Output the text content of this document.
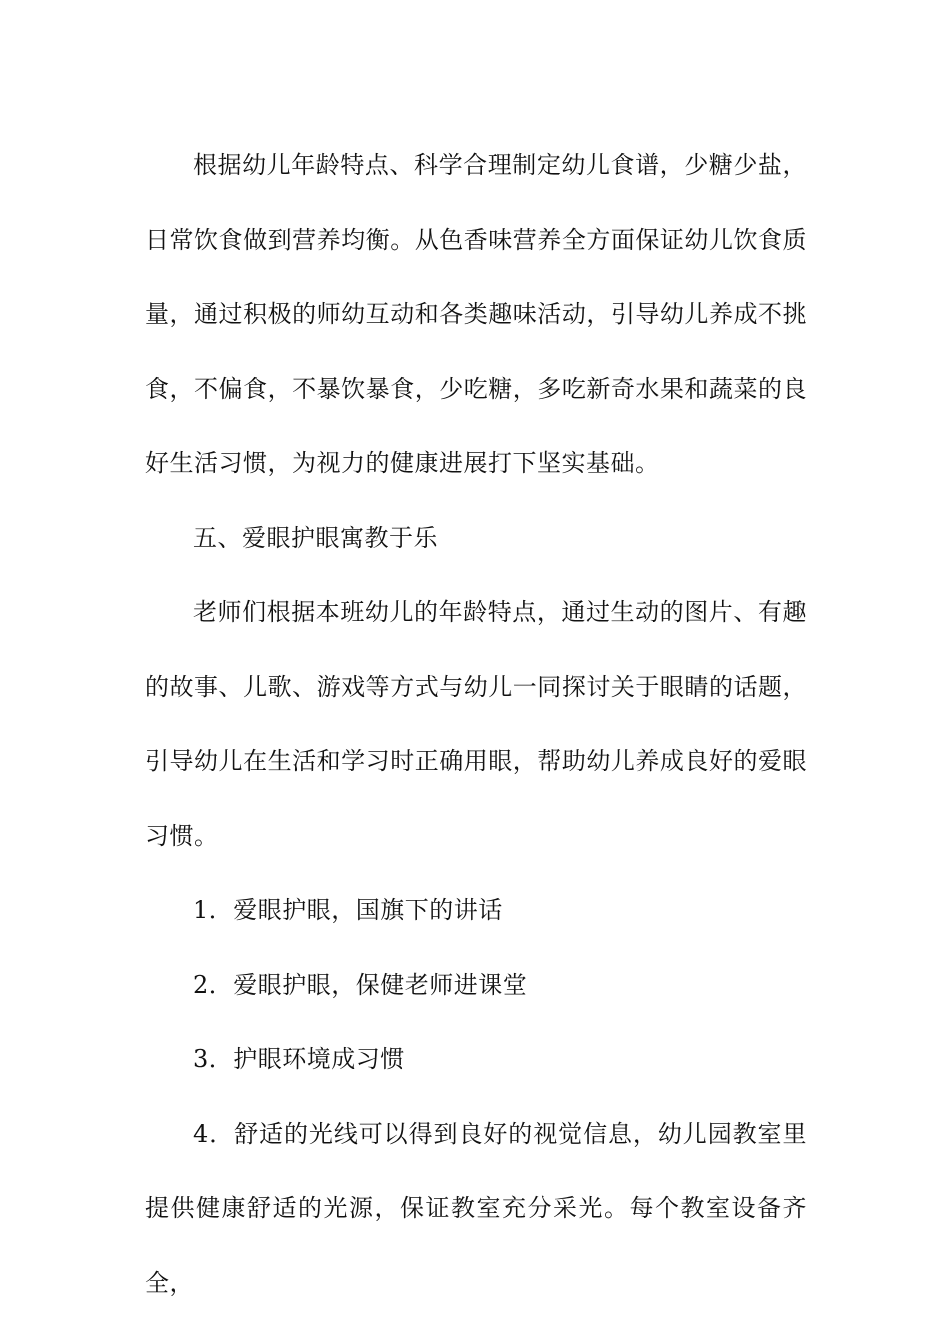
根据幼儿年龄特点、科学合理制定幼儿食谱，少糖少盐，日常饮食做到营养均衡。从色香味营养全方面保证幼儿饮食质量，通过积极的师幼互动和各类趣味活动，引导幼儿养成不挑食，不偏食，不暴饮暴食，少吃糖，多吃新奇水果和蔬菜的良好生活习惯，为视力的健康进展打下坚实基础。

五、爱眼护眼寓教于乐

老师们根据本班幼儿的年龄特点，通过生动的图片、有趣的故事、儿歌、游戏等方式与幼儿一同探讨关于眼睛的话题，引导幼儿在生活和学习时正确用眼，帮助幼儿养成良好的爱眼习惯。

1．爱眼护眼，国旗下的讲话

2．爱眼护眼，保健老师进课堂

3．护眼环境成习惯

4．舒适的光线可以得到良好的视觉信息，幼儿园教室里提供健康舒适的光源，保证教室充分采光。每个教室设备齐全，
